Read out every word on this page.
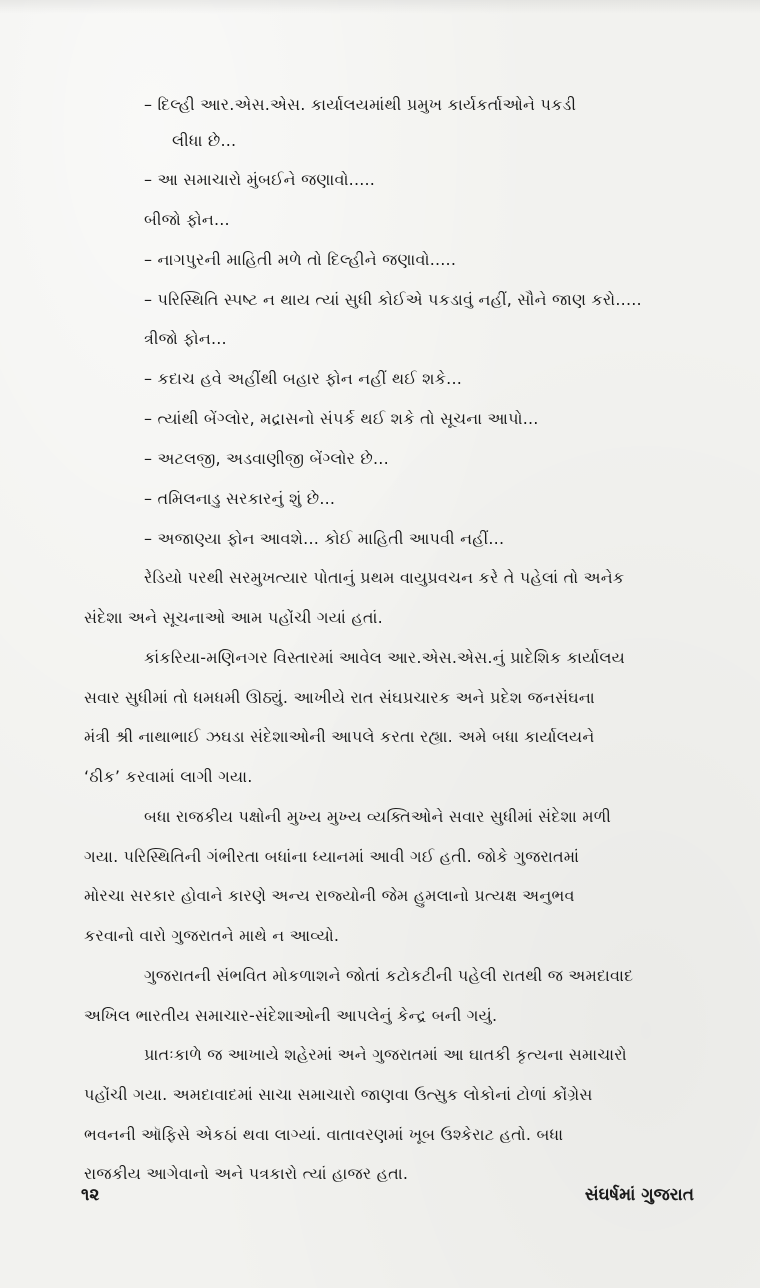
– દિલ્હી આર.એસ.એસ. કાર્યાલયમાંથી પ્રમુખ કાર્યકર્તાઓને પકડી
લીધા છે...
– આ સમાચારો મુંબઈને જણાવો.....
બીજો ફોન...
– નાગપુરની માહિતી મળે તો દિલ્હીને જણાવો.....
– પરિસ્થિતિ સ્પષ્ટ ન થાય ત્યાં સુધી કોઈએ પકડાવું નહીં, સૌને જાણ કરો.....
ત્રીજો ફોન...
– કદાચ હવે અહીંથી બહાર ફોન નહીં થઈ શકે...
– ત્યાંથી બેંગ્લોર, મદ્રાસનો સંપર્ક થઈ શકે તો સૂચના આપો...
– અટલજી, અડવાણીજી બેંગ્લોર છે...
– તમિલનાડુ સરકારનું શું છે...
– અજાણ્યા ફોન આવશે... કોઈ માહિતી આપવી નહીં...
રેડિયો પરથી સરમુખત્યાર પોતાનું પ્રથમ વાયુપ્રવચન કરે તે પહેલાં તો અનેક
સંદેશા અને સૂચનાઓ આમ પહોંચી ગયાં હતાં.
કાંકરિયા-મણિનગર વિસ્તારમાં આવેલ આર.એસ.એસ.નું પ્રાદેશિક કાર્યાલય
સવાર સુધીમાં તો ધમધમી ઊઠ્યું. આખીયે રાત સંઘપ્રચારક અને પ્રદેશ જનસંઘના
મંત્રી શ્રી નાથાભાઈ ઝઘડા સંદેશાઓની આપલે કરતા રહ્યા. અમે બધા કાર્યાલયને
‘ઠીક’ કરવામાં લાગી ગયા.
બધા રાજકીય પક્ષોની મુખ્ય મુખ્ય વ્યક્તિઓને સવાર સુધીમાં સંદેશા મળી
ગયા. પરિસ્થિતિની ગંભીરતા બધાંના ધ્યાનમાં આવી ગઈ હતી. જોકે ગુજરાતમાં
મોરચા સરકાર હોવાને કારણે અન્ય રાજ્યોની જેમ હુમલાનો પ્રત્યક્ષ અનુભવ
કરવાનો વારો ગુજરાતને માથે ન આવ્યો.
ગુજરાતની સંભવિત મોકળાશને જોતાં કટોકટીની પહેલી રાતથી જ અમદાવાદ
અખિલ ભારતીય સમાચાર-સંદેશાઓની આપલેનું કેન્દ્ર બની ગયું.
પ્રાતઃકાળે જ આખાયે શહેરમાં અને ગુજરાતમાં આ ઘાતકી કૃત્યના સમાચારો
પહોંચી ગયા. અમદાવાદમાં સાચા સમાચારો જાણવા ઉત્સુક લોકોનાં ટોળાં કોંગ્રેસ
ભવનની ઑફિસે એકઠાં થવા લાગ્યાં. વાતાવરણમાં ખૂબ ઉશ્કેરાટ હતો. બધા
રાજકીય આગેવાનો અને પત્રકારો ત્યાં હાજર હતા.
૧૨	સંઘર્ષમાં ગુજરાત
